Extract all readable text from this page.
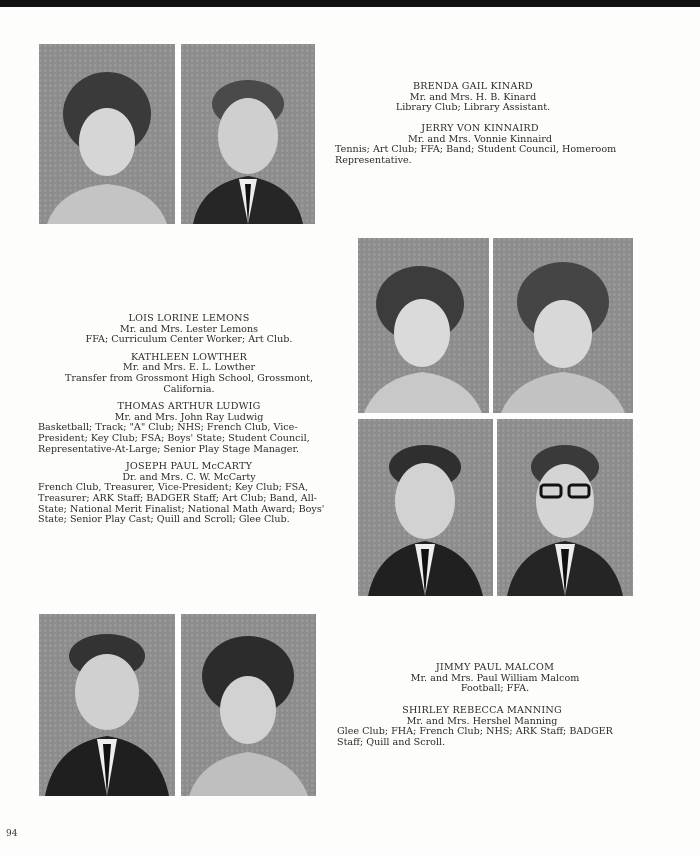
BRENDA GAIL KINARD
Mr. and Mrs. H. B. Kinard
Library Club; Library Assistant.
JERRY VON KINNAIRD
Mr. and Mrs. Vonnie Kinnaird
Tennis; Art Club; FFA; Band; Student Council, Homeroom Representative.
LOIS LORINE LEMONS
Mr. and Mrs. Lester Lemons
FFA; Curriculum Center Worker; Art Club.
KATHLEEN LOWTHER
Mr. and Mrs. E. L. Lowther
Transfer from Grossmont High School, Grossmont, California.
THOMAS ARTHUR LUDWIG
Mr. and Mrs. John Ray Ludwig
Basketball; Track; "A" Club; NHS; French Club, Vice-President; Key Club; FSA; Boys' State; Student Council, Representative-At-Large; Senior Play Stage Manager.
JOSEPH PAUL McCARTY
Dr. and Mrs. C. W. McCarty
French Club, Treasurer, Vice-President; Key Club; FSA, Treasurer; ARK Staff; BADGER Staff; Art Club; Band, All-State; National Merit Finalist; National Math Award; Boys' State; Senior Play Cast; Quill and Scroll; Glee Club.
JIMMY PAUL MALCOM
Mr. and Mrs. Paul William Malcom
Football; FFA.
SHIRLEY REBECCA MANNING
Mr. and Mrs. Hershel Manning
Glee Club; FHA; French Club; NHS; ARK Staff; BADGER Staff; Quill and Scroll.
94
